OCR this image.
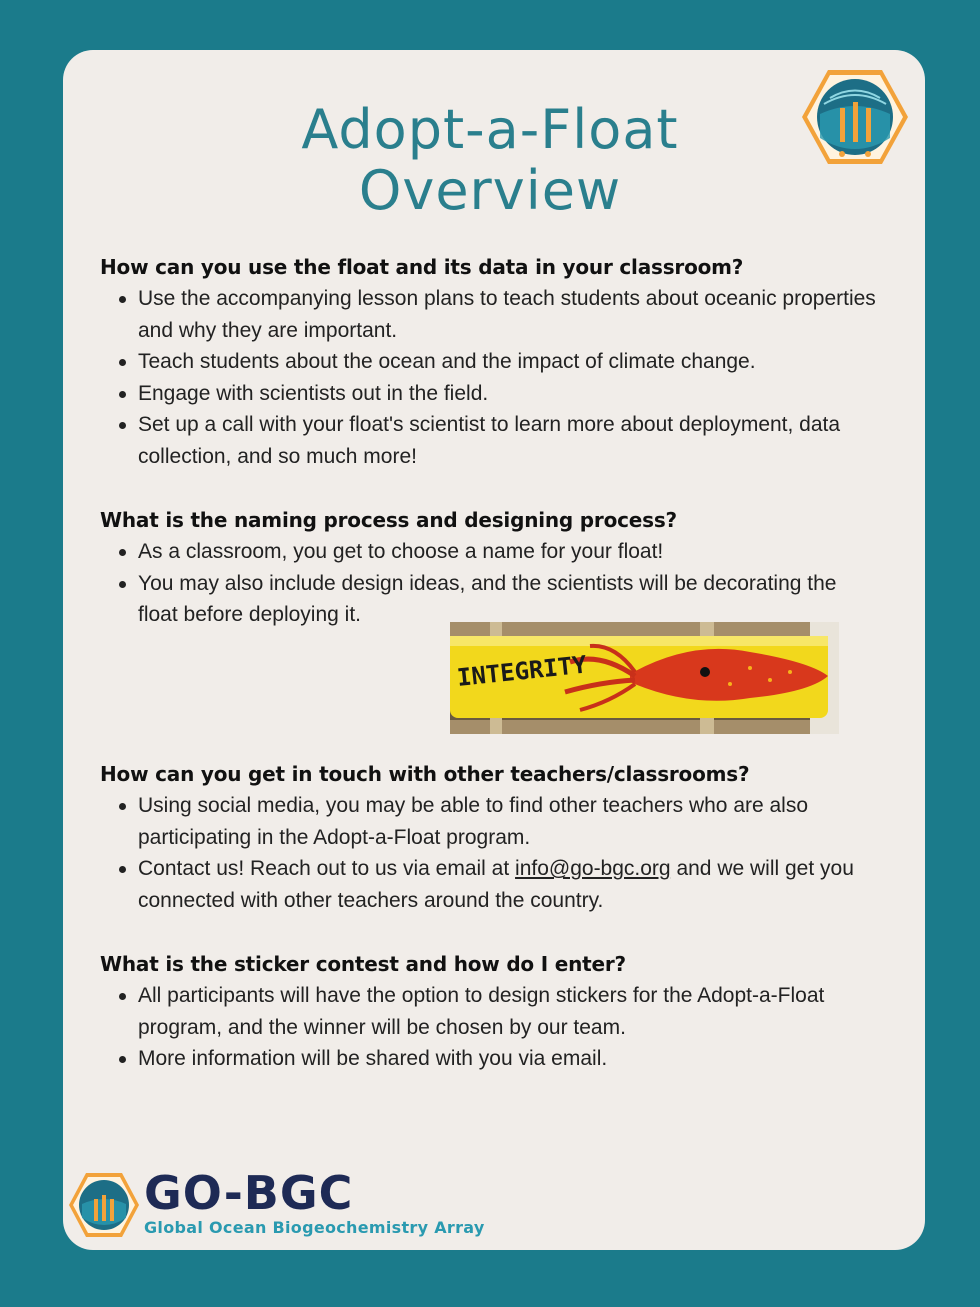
Adopt-a-Float
Overview
How can you use the float and its data in your classroom?
Use the accompanying lesson plans to teach students about oceanic properties and why they are important.
Teach students about the ocean and the impact of climate change.
Engage with scientists out in the field.
Set up a call with your float's scientist to learn more about deployment, data collection, and so much more!
What is the naming process and designing process?
As a classroom, you get to choose a name for your float!
You may also include design ideas, and the scientists will be decorating the float before deploying it.
INTEGRITY
How can you get in touch with other teachers/classrooms?
Using social media, you may be able to find other teachers who are also participating in the Adopt-a-Float program.
Contact us! Reach out to us via email at info@go-bgc.org and we will get you connected with other teachers around the country.
What is the sticker contest and how do I enter?
All participants will have the option to design stickers for the Adopt-a-Float program, and the winner will be chosen by our team.
More information will be shared with you via email.
GO-BGC
Global Ocean Biogeochemistry Array
